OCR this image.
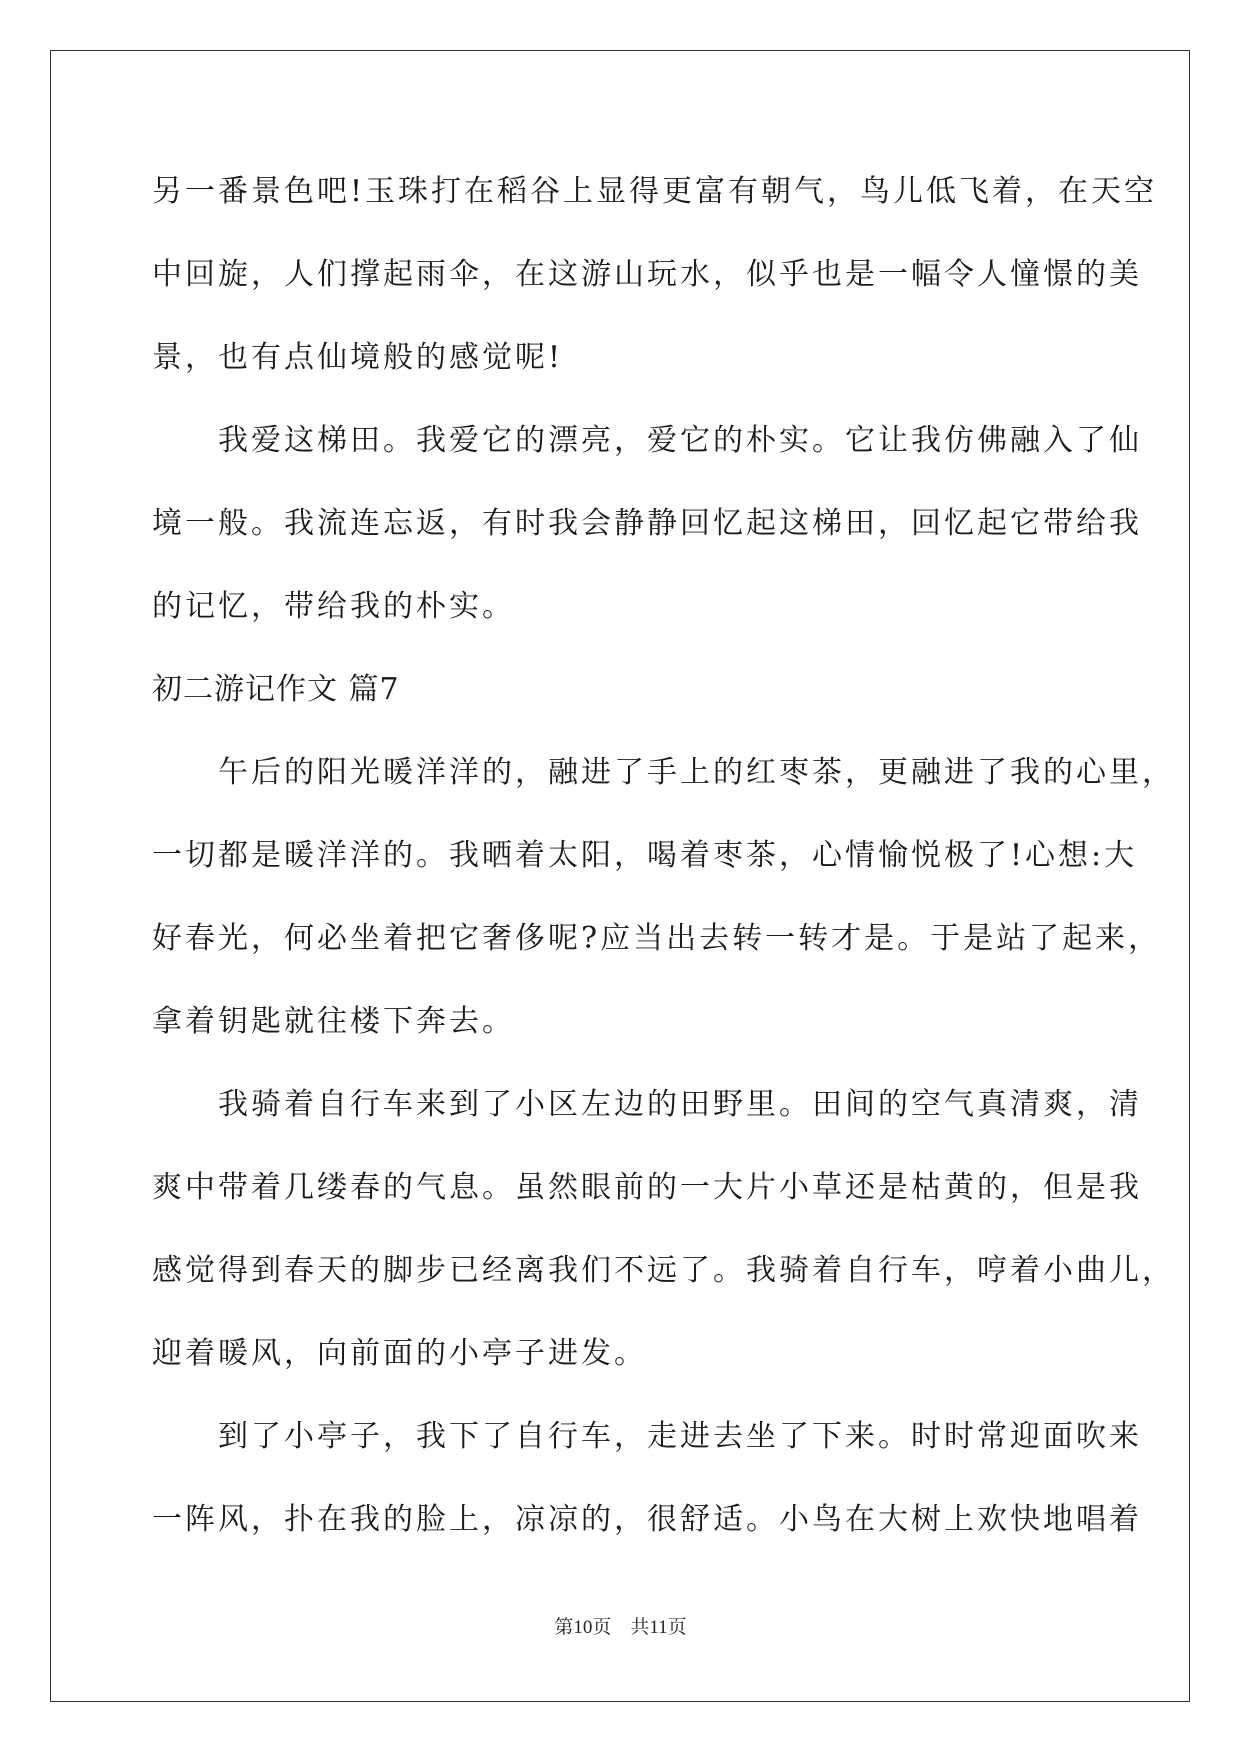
另一番景色吧!玉珠打在稻谷上显得更富有朝气，鸟儿低飞着，在天空
中回旋，人们撑起雨伞，在这游山玩水，似乎也是一幅令人憧憬的美
景，也有点仙境般的感觉呢!
　　我爱这梯田。我爱它的漂亮，爱它的朴实。它让我仿佛融入了仙
境一般。我流连忘返，有时我会静静回忆起这梯田，回忆起它带给我
的记忆，带给我的朴实。
初二游记作文 篇7
　　午后的阳光暖洋洋的，融进了手上的红枣茶，更融进了我的心里，
一切都是暖洋洋的。我晒着太阳，喝着枣茶，心情愉悦极了!心想:大
好春光，何必坐着把它奢侈呢?应当出去转一转才是。于是站了起来，
拿着钥匙就往楼下奔去。
　　我骑着自行车来到了小区左边的田野里。田间的空气真清爽，清
爽中带着几缕春的气息。虽然眼前的一大片小草还是枯黄的，但是我
感觉得到春天的脚步已经离我们不远了。我骑着自行车，哼着小曲儿，
迎着暖风，向前面的小亭子进发。
　　到了小亭子，我下了自行车，走进去坐了下来。时时常迎面吹来
一阵风，扑在我的脸上，凉凉的，很舒适。小鸟在大树上欢快地唱着
第10页　共11页
